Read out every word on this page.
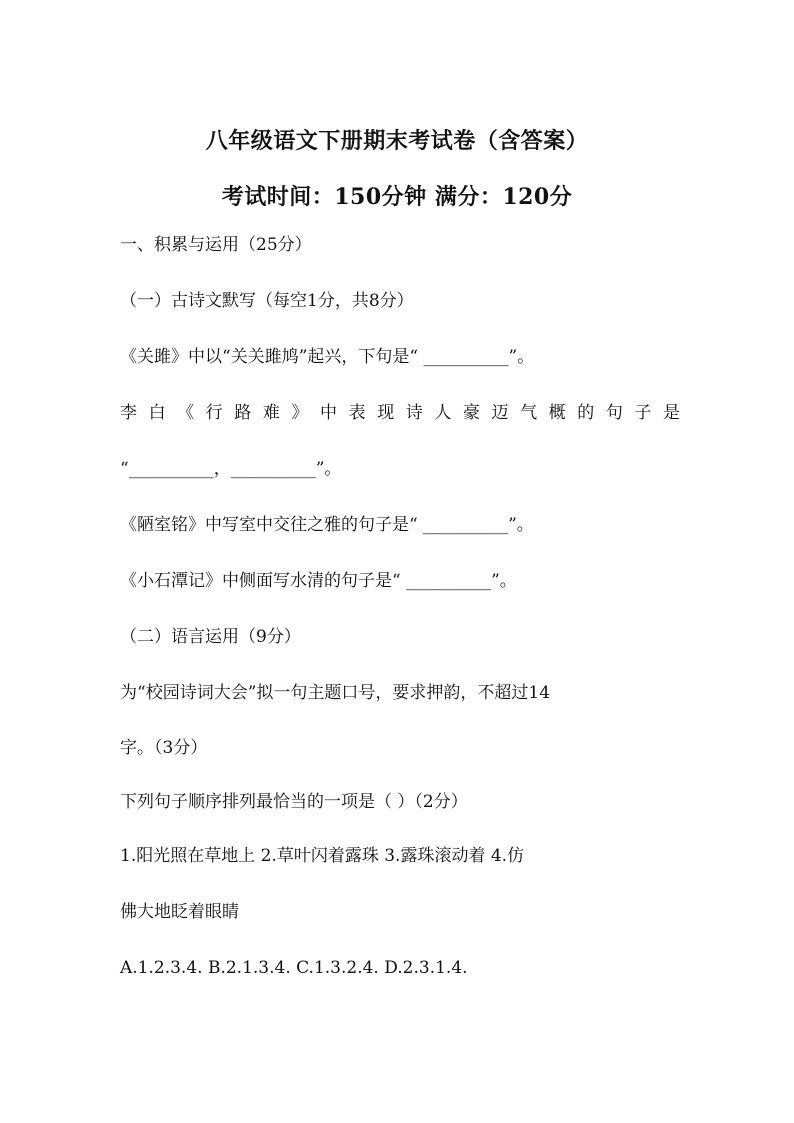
八年级语文下册期末考试卷（含答案）
考试时间：150分钟 满分：120分
一、积累与运用（25分）
（一）古诗文默写（每空1分，共8分）
《关雎》中以“关关雎鸠”起兴，下句是“ __________”。
李白《行路难》中表现诗人豪迈气概的句子是
“__________，__________”。
《陋室铭》中写室中交往之雅的句子是“ __________”。
《小石潭记》中侧面写水清的句子是“ __________”。
（二）语言运用（9分）
为“校园诗词大会”拟一句主题口号，要求押韵，不超过14
字。（3分）
下列句子顺序排列最恰当的一项是（ ）（2分）
1.阳光照在草地上 2.草叶闪着露珠 3.露珠滚动着 4.仿
佛大地眨着眼睛
A.1.2.3.4. B.2.1.3.4. C.1.3.2.4. D.2.3.1.4.
